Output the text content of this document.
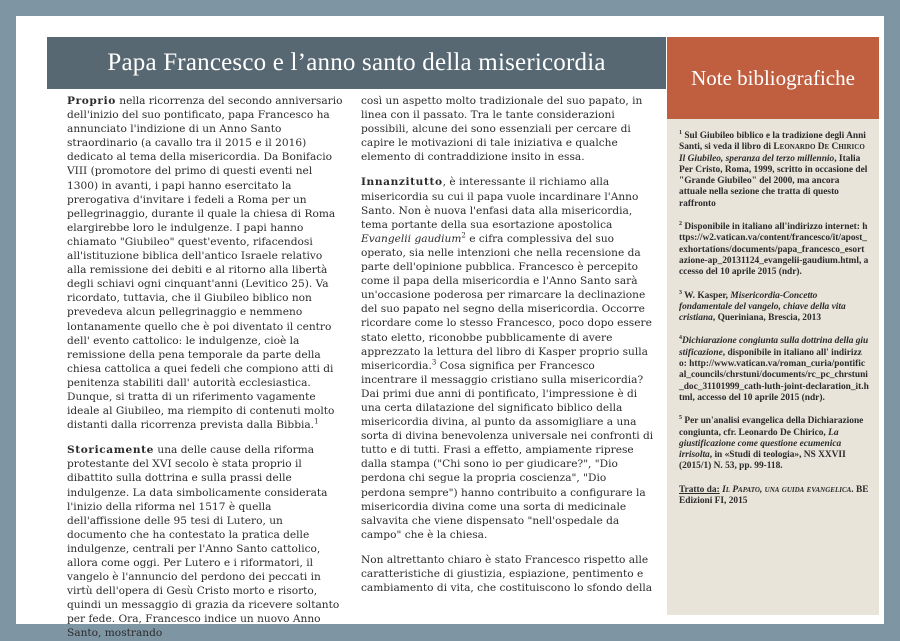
Papa Francesco e l’anno santo della misericordia

Proprio nella ricorrenza del secondo anniversario dell'inizio del suo pontificato, papa Francesco ha annunciato l'indizione di un Anno Santo straordinario (a cavallo tra il 2015 e il 2016) dedicato al tema della misericordia. Da Bonifacio VIII (promotore del primo di questi eventi nel 1300) in avanti, i papi hanno esercitato la prerogativa d'invitare i fedeli a Roma per un pellegrinaggio, durante il quale la chiesa di Roma elargirebbe loro le indulgenze. I papi hanno chiamato "Giubileo" quest'evento, rifacendosi all'istituzione biblica dell'antico Israele relativo alla remissione dei debiti e al ritorno alla libertà degli schiavi ogni cinquant'anni (Levitico 25). Va ricordato, tuttavia, che il Giubileo biblico non prevedeva alcun pellegrinaggio e nemmeno lontanamente quello che è poi diventato il centro dell' evento cattolico: le indulgenze, cioè la remissione della pena temporale da parte della chiesa cattolica a quei fedeli che compiono atti di penitenza stabiliti dall' autorità ecclesiastica. Dunque, si tratta di un riferimento vagamente ideale al Giubileo, ma riempito di contenuti molto distanti dalla ricorrenza prevista dalla Bibbia.$^1$

Storicamente una delle cause della riforma protestante del XVI secolo è stata proprio il dibattito sulla dottrina e sulla prassi delle indulgenze. La data simbolicamente considerata l'inizio della riforma nel 1517 è quella dell'affissione delle 95 tesi di Lutero, un documento che ha contestato la pratica delle indulgenze, centrali per l'Anno Santo cattolico, allora come oggi. Per Lutero e i riformatori, il vangelo è l'annuncio del perdono dei peccati in virtù dell'opera di Gesù Cristo morto e risorto, quindi un messaggio di grazia da ricevere soltanto per fede. Ora, Francesco indice un nuovo Anno Santo, mostrando

così un aspetto molto tradizionale del suo papato, in linea con il passato. Tra le tante considerazioni possibili, alcune dei sono essenziali per cercare di capire le motivazioni di tale iniziativa e qualche elemento di contraddizione insito in essa.

Innanzitutto, è interessante il richiamo alla misericordia su cui il papa vuole incardinare l'Anno Santo. Non è nuova l'enfasi data alla misericordia, tema portante della sua esortazione apostolica Evangelii gaudium$^2$ e cifra complessiva del suo operato, sia nelle intenzioni che nella recensione da parte dell'opinione pubblica. Francesco è percepito come il papa della misericordia e l'Anno Santo sarà un'occasione poderosa per rimarcare la declinazione del suo papato nel segno della misericordia. Occorre ricordare come lo stesso Francesco, poco dopo essere stato eletto, riconobbe pubblicamente di avere apprezzato la lettura del libro di Kasper proprio sulla misericordia.$^3$ Cosa significa per Francesco incentrare il messaggio cristiano sulla misericordia? Dai primi due anni di pontificato, l'impressione è di una certa dilatazione del significato biblico della misericordia divina, al punto da assomigliare a una sorta di divina benevolenza universale nei confronti di tutto e di tutti. Frasi a effetto, ampiamente riprese dalla stampa ("Chi sono io per giudicare?", "Dio perdona chi segue la propria coscienza", "Dio perdona sempre") hanno contribuito a configurare la misericordia divina come una sorta di medicinale salvavita che viene dispensato "nell'ospedale da campo" che è la chiesa.

Non altrettanto chiaro è stato Francesco rispetto alle caratteristiche di giustizia, espiazione, pentimento e cambiamento di vita, che costituiscono lo sfondo della

Note bibliografiche
$^1$ Sul Giubileo biblico e la tradizione degli Anni Santi, si veda il libro di Leonardo De Chirico Il Giubileo, speranza del terzo millennio, Italia Per Cristo, Roma, 1999, scritto in occasione del "Grande Giubileo" del 2000, ma ancora attuale nella sezione che tratta di questo raffronto
$^2$ Disponibile in italiano all'indirizzo internet: https://w2.vatican.va/content/francesco/it/apost_exhortations/documents/papa_francesco_esortazione-ap_20131124_evangelii-gaudium.html, accesso del 10 aprile 2015 (ndr).
$^3$ W. Kasper, Misericordia-Concetto fondamentale del vangelo, chiave della vita cristiana, Queriniana, Brescia, 2013
$^4$Dichiarazione congiunta sulla dottrina della giustificazione, disponibile in italiano all' indirizzo: http://www.vatican.va/roman_curia/pontifical_councils/chrstuni/documents/rc_pc_chrstuni_doc_31101999_cath-luth-joint-declaration_it.html, accesso del 10 aprile 2015 (ndr).
$^5$ Per un'analisi evangelica della Dichiarazione congiunta, cfr. Leonardo De Chirico, La giustificazione come questione ecumenica irrisolta, in «Studi di teologia», NS XXVII (2015/1) N. 53, pp. 99-118.
Tratto da: Il Papato, una guida evangelica. BE Edizioni FI, 2015
